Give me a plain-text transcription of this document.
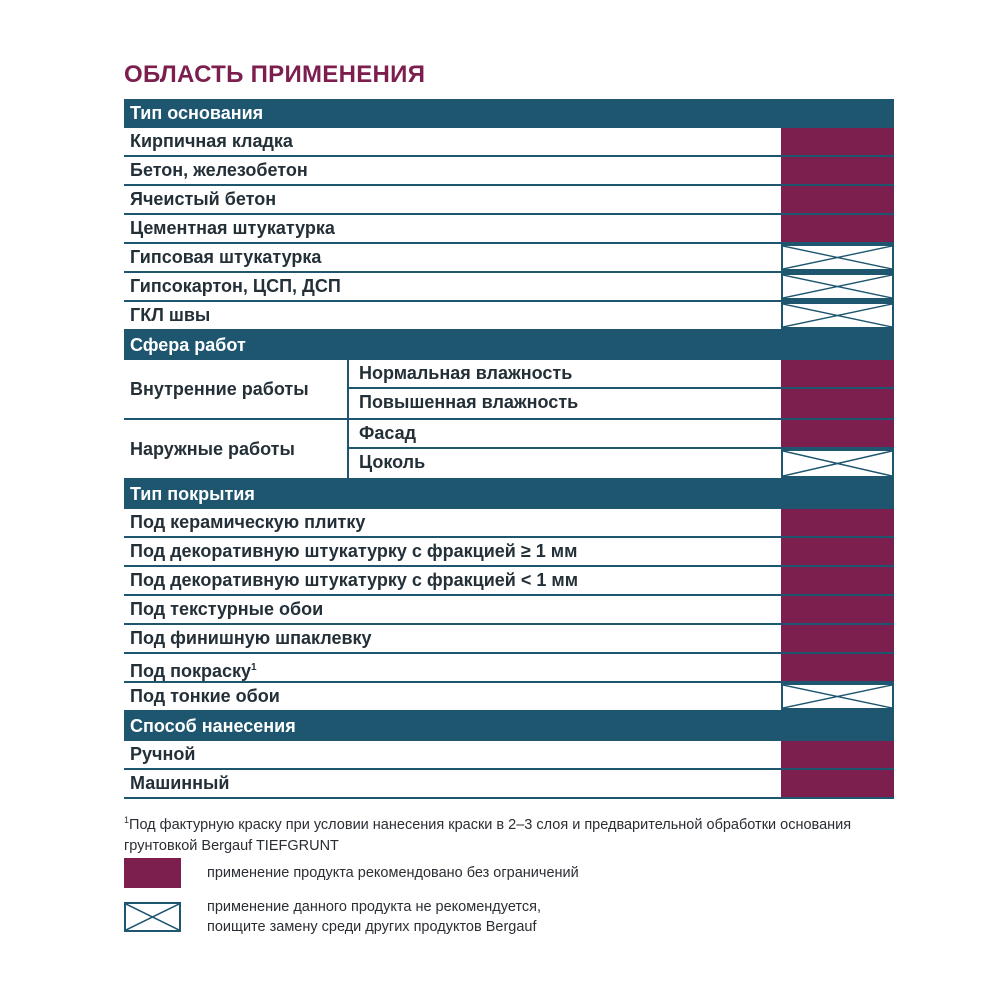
ОБЛАСТЬ ПРИМЕНЕНИЯ
Тип основания
Кирпичная кладка
Бетон, железобетон
Ячеистый бетон
Цементная штукатурка
Гипсовая штукатурка
Гипсокартон, ЦСП, ДСП
ГКЛ швы
Сфера работ
Внутренние работы
Нормальная влажность
Повышенная влажность
Наружные работы
Фасад
Цоколь
Тип покрытия
Под керамическую плитку
Под декоративную штукатурку с фракцией ≥ 1 мм
Под декоративную штукатурку с фракцией < 1 мм
Под текстурные обои
Под финишную шпаклевку
Под покраску$^1$
Под тонкие обои
Способ нанесения
Ручной
Машинный
$^1$Под фактурную краску при условии нанесения краски в 2–3 слоя и предварительной обработки основания грунтовкой Bergauf TIEFGRUNT
применение продукта рекомендовано без ограничений
применение данного продукта не рекомендуется,
поищите замену среди других продуктов Bergauf
